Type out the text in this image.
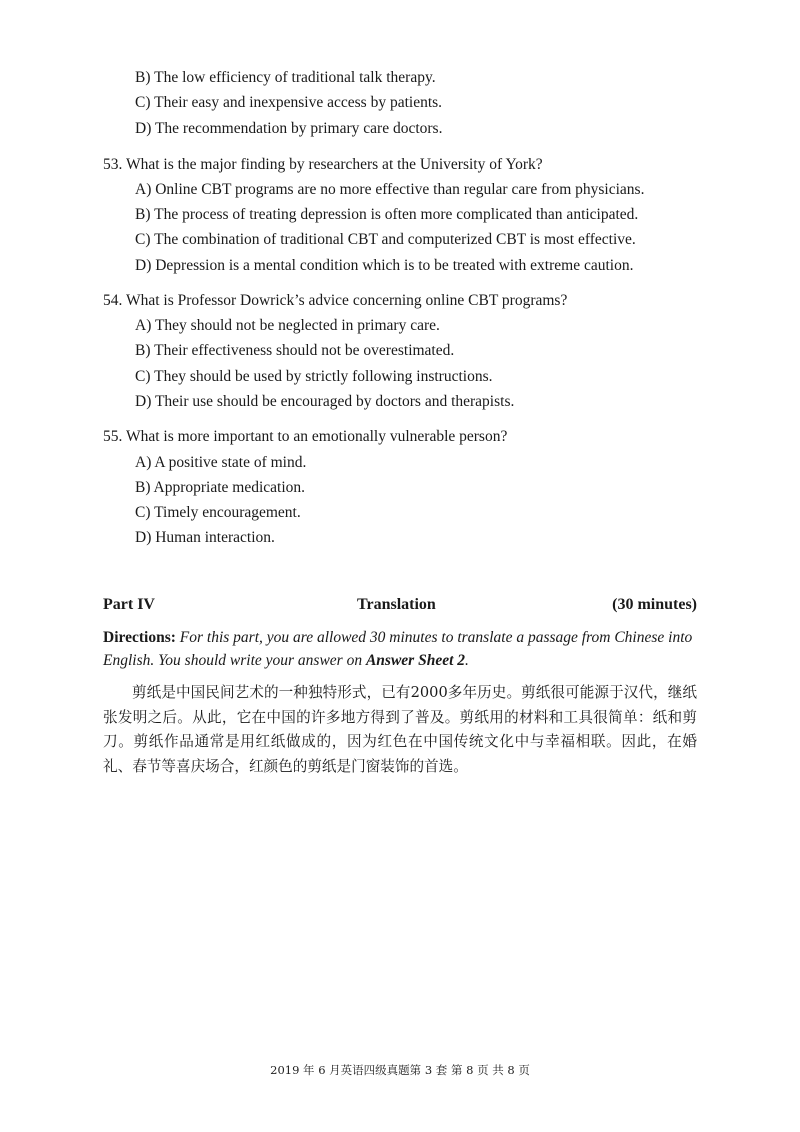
B) The low efficiency of traditional talk therapy.
C) Their easy and inexpensive access by patients.
D) The recommendation by primary care doctors.
53. What is the major finding by researchers at the University of York?
A) Online CBT programs are no more effective than regular care from physicians.
B) The process of treating depression is often more complicated than anticipated.
C) The combination of traditional CBT and computerized CBT is most effective.
D) Depression is a mental condition which is to be treated with extreme caution.
54. What is Professor Dowrick’s advice concerning online CBT programs?
A) They should not be neglected in primary care.
B) Their effectiveness should not be overestimated.
C) They should be used by strictly following instructions.
D) Their use should be encouraged by doctors and therapists.
55. What is more important to an emotionally vulnerable person?
A) A positive state of mind.
B) Appropriate medication.
C) Timely encouragement.
D) Human interaction.
Part IV	Translation	(30 minutes)
Directions: For this part, you are allowed 30 minutes to translate a passage from Chinese into English. You should write your answer on Answer Sheet 2.
剪纸是中国民间艺术的一种独特形式，已有2000多年历史。剪纸很可能源于汉代，继纸张发明之后。从此，它在中国的许多地方得到了普及。剪纸用的材料和工具很简单：纸和剪刀。剪纸作品通常是用红纸做成的，因为红色在中国传统文化中与幸福相联。因此，在婚礼、春节等喜庆场合，红颜色的剪纸是门窗装饰的首选。
2019 年 6 月英语四级真题第 3 套 第 8 页 共 8 页
